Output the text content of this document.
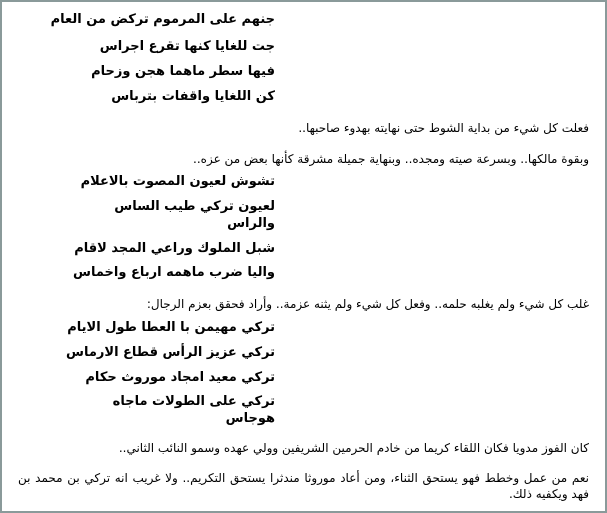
جنهم على المرموم تركض من العام
جت للغايا كنها تقرع اجراس
فيها سطر ماهما هجن وزحام
كن اللغايا واقفات بترباس
فعلت كل شيء من بداية الشوط حتى نهايته بهدوء صاحبها..
وبقوة مالكها.. وبسرعة صيته ومجده.. وبنهاية جميلة مشرقة كأنها بعض من عزه..
تشوش لعيون المصوت بالاعلام
لعيون تركي طيب الساس
والراس
شبل الملوك وراعي المجد لاقام
واليا ضرب ماهمه ارباع واخماس
غلب كل شيء ولم يغلبه حلمه.. وفعل كل شيء ولم يثنه عزمة.. وأراد فحقق بعزم الرجال:
تركي مهيمن با العطا طول الايام
تركي عزيز الرأس قطاع الارماس
تركي معيد امجاد موروث حكام
تركي على الطولات ماجاه
هوجاس
كان الفوز مدويا فكان اللقاء كريما من خادم الحرمين الشريفين وولي عهده وسمو النائب الثاني..
نعم من عمل وخطط فهو يستحق الثناء، ومن أعاد موروثا مندثرا يستحق التكريم.. ولا غريب انه تركي بن محمد بن فهد ويكفيه ذلك.
